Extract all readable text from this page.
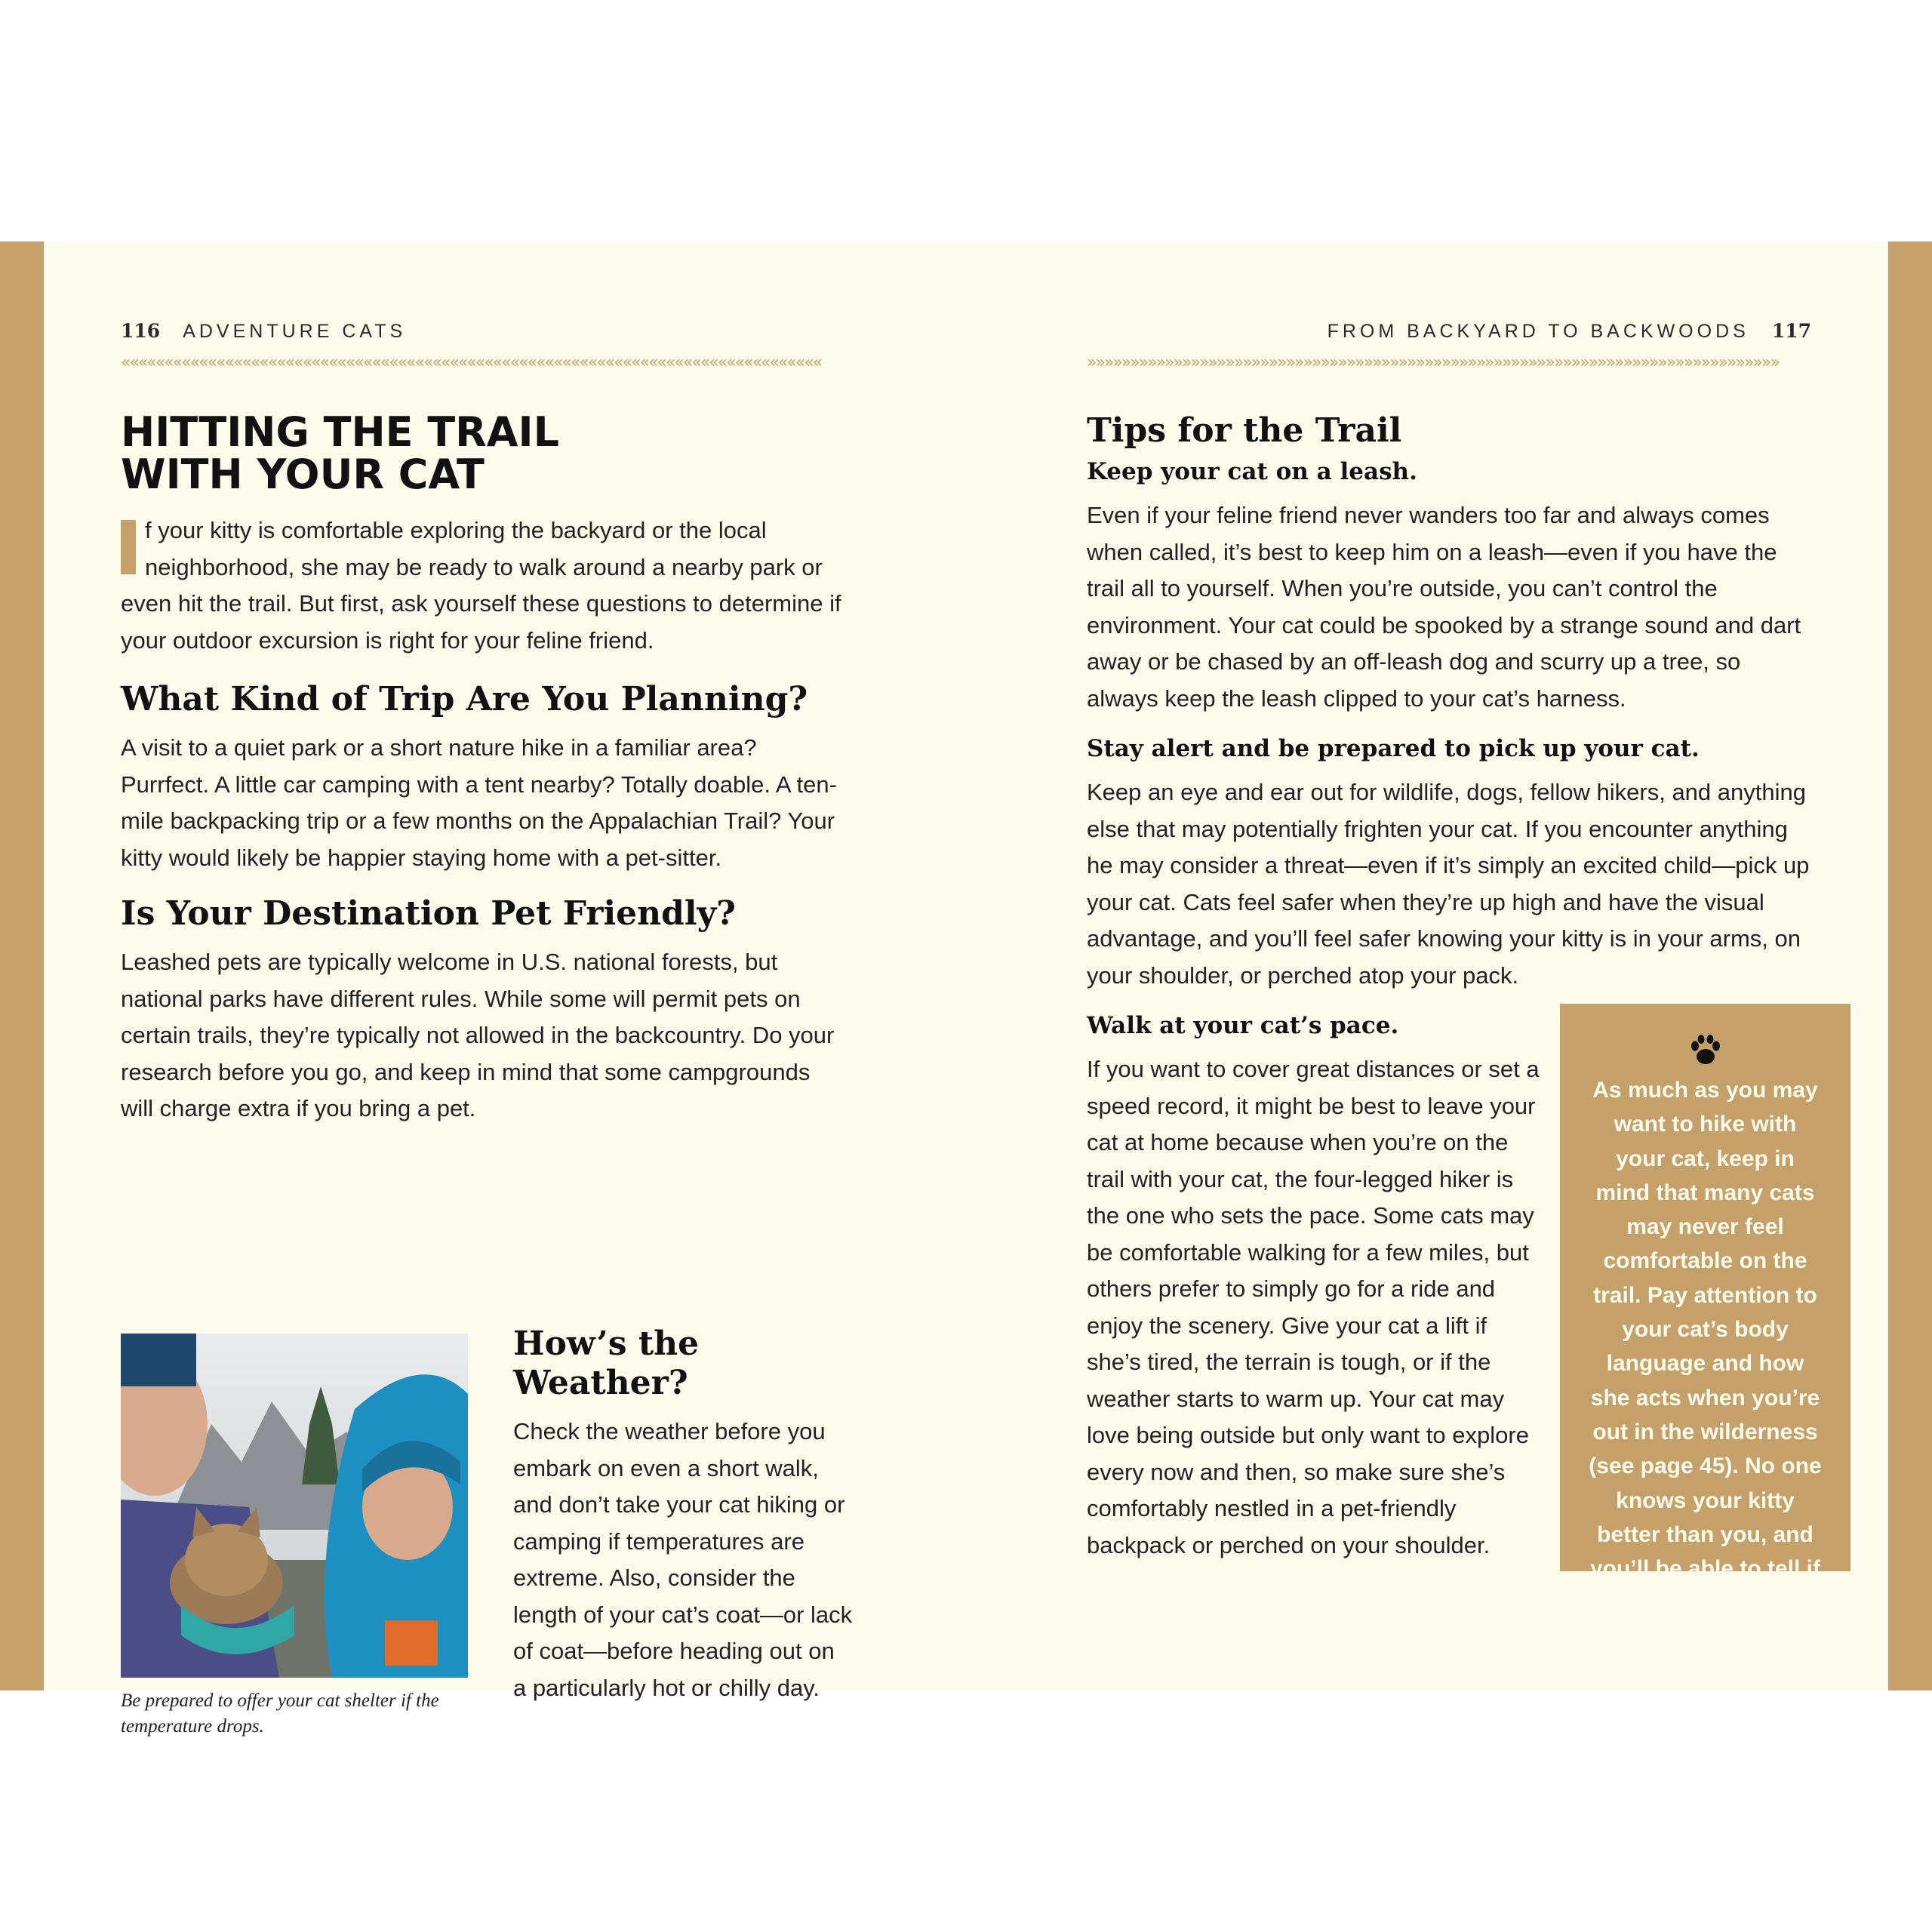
116 ADVENTURE CATS
«««««««««««««««««««««««««««««««««««««««««««««««««««««««««««««««««««««««««««««««««
FROM BACKYARD TO BACKWOODS 117
»»»»»»»»»»»»»»»»»»»»»»»»»»»»»»»»»»»»»»»»»»»»»»»»»»»»»»»»»»»»»»»»»»»»»»»»»»»»»»»»
HITTING THE TRAIL
WITH YOUR CAT

f your kitty is comfortable exploring the backyard or the local neighborhood, she may be ready to walk around a nearby park or even hit the trail. But first, ask yourself these questions to determine if your outdoor excursion is right for your feline friend.

What Kind of Trip Are You Planning?

A visit to a quiet park or a short nature hike in a familiar area? Purrfect. A little car camping with a tent nearby? Totally doable. A ten-mile backpacking trip or a few months on the Appalachian Trail? Your kitty would likely be happier staying home with a pet-sitter.

Is Your Destination Pet Friendly?

Leashed pets are typically welcome in U.S. national forests, but national parks have different rules. While some will permit pets on certain trails, they’re typically not allowed in the backcountry. Do your research before you go, and keep in mind that some campgrounds will charge extra if you bring a pet.

Be prepared to offer your cat shelter if the temperature drops.
How’s the
Weather?

Check the weather before you embark on even a short walk, and don’t take your cat hiking or camping if temperatures are extreme. Also, consider the length of your cat’s coat—or lack of coat—before heading out on a particularly hot or chilly day.

Tips for the Trail
Keep your cat on a leash.

Even if your feline friend never wanders too far and always comes when called, it’s best to keep him on a leash—even if you have the trail all to yourself. When you’re outside, you can’t control the environment. Your cat could be spooked by a strange sound and dart away or be chased by an off-leash dog and scurry up a tree, so always keep the leash clipped to your cat’s harness.

Stay alert and be prepared to pick up your cat.

Keep an eye and ear out for wildlife, dogs, fellow hikers, and anything else that may potentially frighten your cat. If you encounter anything he may consider a threat—even if it’s simply an excited child—pick up your cat. Cats feel safer when they’re up high and have the visual advantage, and you’ll feel safer knowing your kitty is in your arms, on your shoulder, or perched atop your pack.

Walk at your cat’s pace.

If you want to cover great distances or set a speed record, it might be best to leave your cat at home because when you’re on the trail with your cat, the four-legged hiker is the one who sets the pace. Some cats may be comfortable walking for a few miles, but others prefer to simply go for a ride and enjoy the scenery. Give your cat a lift if she’s tired, the terrain is tough, or if the weather starts to warm up. Your cat may love being outside but only want to explore every now and then, so make sure she’s comfortably nestled in a pet-friendly backpack or perched on your shoulder.

As much as you may want to hike with your cat, keep in mind that many cats may never feel comfortable on the trail. Pay attention to your cat’s body language and how she acts when you’re out in the wilderness (see page 45). No one knows your kitty better than you, and you’ll be able to tell if hiking simply isn’t right for your cat.
